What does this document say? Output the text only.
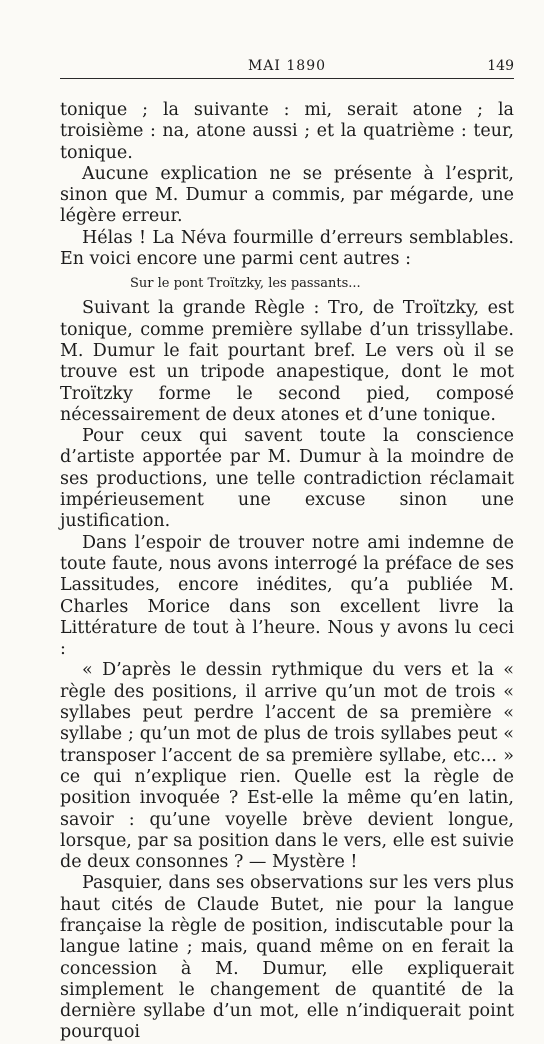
MAI 1890	149

tonique ; la suivante : mi, serait atone ; la troisième : na, atone aussi ; et la quatrième : teur, tonique.

Aucune explication ne se présente à l’esprit, sinon que M. Dumur a commis, par mégarde, une légère erreur.

Hélas ! La Néva fourmille d’erreurs semblables. En voici encore une parmi cent autres :

Sur le pont Troïtzky, les passants...

Suivant la grande Règle : Tro, de Troïtzky, est tonique, comme première syllabe d’un trissyllabe. M. Dumur le fait pourtant bref. Le vers où il se trouve est un tripode anapestique, dont le mot Troïtzky forme le second pied, composé nécessairement de deux atones et d’une tonique.

Pour ceux qui savent toute la conscience d’artiste apportée par M. Dumur à la moindre de ses productions, une telle contradiction réclamait impérieusement une excuse sinon une justification.

Dans l’espoir de trouver notre ami indemne de toute faute, nous avons interrogé la préface de ses Lassitudes, encore inédites, qu’a publiée M. Charles Morice dans son excellent livre la Littérature de tout à l’heure. Nous y avons lu ceci :

« D’après le dessin rythmique du vers et la « règle des positions, il arrive qu’un mot de trois « syllabes peut perdre l’accent de sa première « syllabe ; qu’un mot de plus de trois syllabes peut « transposer l’accent de sa première syllabe, etc... » ce qui n’explique rien. Quelle est la règle de position invoquée ? Est-elle la même qu’en latin, savoir : qu’une voyelle brève devient longue, lorsque, par sa position dans le vers, elle est suivie de deux consonnes ? — Mystère !

Pasquier, dans ses observations sur les vers plus haut cités de Claude Butet, nie pour la langue française la règle de position, indiscutable pour la langue latine ; mais, quand même on en ferait la concession à M. Dumur, elle expliquerait simplement le changement de quantité de la dernière syllabe d’un mot, elle n’indiquerait point pourquoi
